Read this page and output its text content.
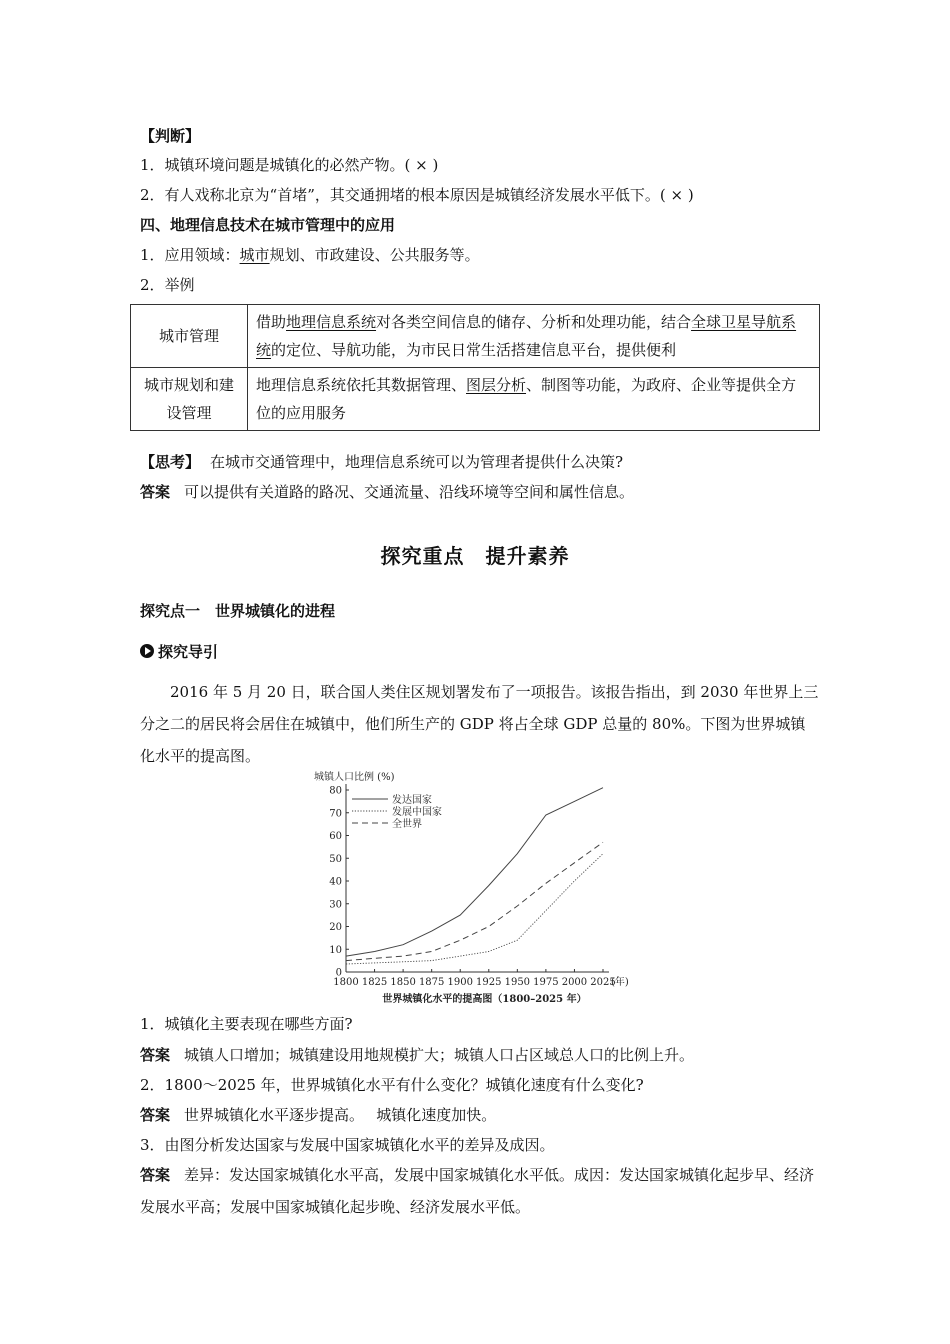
【判断】
1．城镇环境问题是城镇化的必然产物。( × )
2．有人戏称北京为“首堵”，其交通拥堵的根本原因是城镇经济发展水平低下。( × )
四、地理信息技术在城市管理中的应用
1．应用领域：城市规划、市政建设、公共服务等。
2．举例
城市管理	借助地理信息系统对各类空间信息的储存、分析和处理功能，结合全球卫星导航系统的定位、导航功能，为市民日常生活搭建信息平台，提供便利
城市规划和建设管理	地理信息系统依托其数据管理、图层分析、制图等功能，为政府、企业等提供全方位的应用服务
【思考】 在城市交通管理中，地理信息系统可以为管理者提供什么决策?
答案 可以提供有关道路的路况、交通流量、沿线环境等空间和属性信息。
探究重点　提升素养
探究点一　世界城镇化的进程
探究导引
2016 年 5 月 20 日，联合国人类住区规划署发布了一项报告。该报告指出，到 2030 年世界上三分之二的居民将会居住在城镇中，他们所生产的 GDP 将占全球 GDP 总量的 80%。下图为世界城镇化水平的提高图。
城镇人口比例 (%)
0
10
20
30
40
50
60
70
80
1800 1825 1850 1875 1900 1925 1950 1975 2000 2025
(年)
世界城镇化水平的提高图（1800–2025 年）
发达国家
发展中国家
全世界
1．城镇化主要表现在哪些方面?
答案 城镇人口增加；城镇建设用地规模扩大；城镇人口占区域总人口的比例上升。
2．1800～2025 年，世界城镇化水平有什么变化？城镇化速度有什么变化?
答案 世界城镇化水平逐步提高。　 城镇化速度加快。
3．由图分析发达国家与发展中国家城镇化水平的差异及成因。
答案 差异：发达国家城镇化水平高，发展中国家城镇化水平低。成因：发达国家城镇化起步早、经济发展水平高；发展中国家城镇化起步晚、经济发展水平低。
